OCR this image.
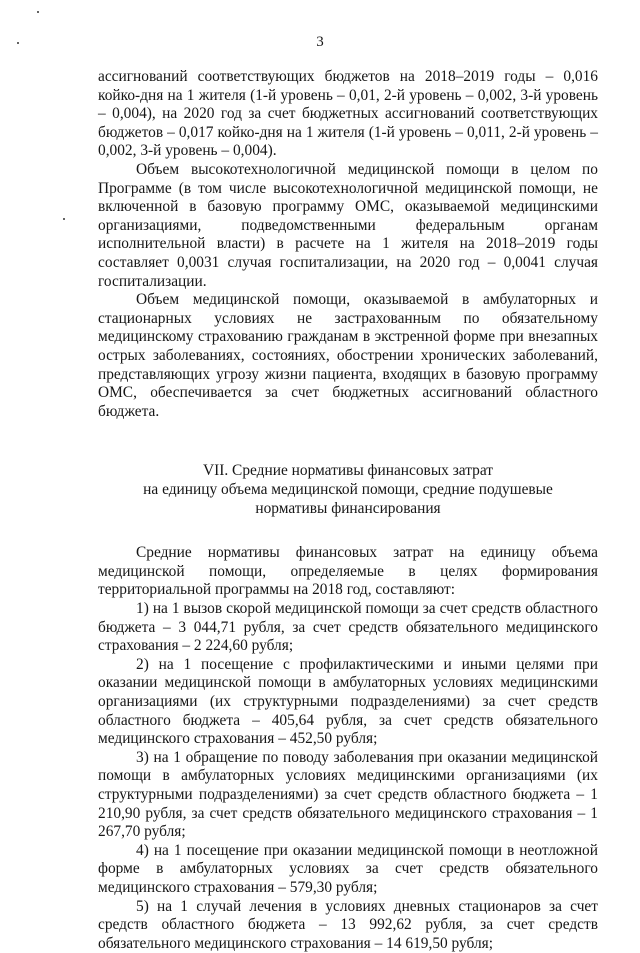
3

ассигнований соответствующих бюджетов на 2018–2019 годы – 0,016 койко-дня на 1 жителя (1-й уровень – 0,01, 2-й уровень – 0,002, 3-й уровень – 0,004), на 2020 год за счет бюджетных ассигнований соответствующих бюджетов – 0,017 койко-дня на 1 жителя (1-й уровень – 0,011, 2-й уровень – 0,002, 3-й уровень – 0,004).

Объем высокотехнологичной медицинской помощи в целом по Программе (в том числе высокотехнологичной медицинской помощи, не включенной в базовую программу ОМС, оказываемой медицинскими организациями, подведомственными федеральным органам исполнительной власти) в расчете на 1 жителя на 2018–2019 годы составляет 0,0031 случая госпитализации, на 2020 год – 0,0041 случая госпитализации.

Объем медицинской помощи, оказываемой в амбулаторных и стационарных условиях не застрахованным по обязательному медицинскому страхованию гражданам в экстренной форме при внезапных острых заболеваниях, состояниях, обострении хронических заболеваний, представляющих угрозу жизни пациента, входящих в базовую программу ОМС, обеспечивается за счет бюджетных ассигнований областного бюджета.

VII. Средние нормативы финансовых затрат
на единицу объема медицинской помощи, средние подушевые
нормативы финансирования

Средние нормативы финансовых затрат на единицу объема медицинской помощи, определяемые в целях формирования территориальной программы на 2018 год, составляют:

1) на 1 вызов скорой медицинской помощи за счет средств областного бюджета – 3 044,71 рубля, за счет средств обязательного медицинского страхования – 2 224,60 рубля;

2) на 1 посещение с профилактическими и иными целями при оказании медицинской помощи в амбулаторных условиях медицинскими организациями (их структурными подразделениями) за счет средств областного бюджета – 405,64 рубля, за счет средств обязательного медицинского страхования – 452,50 рубля;

3) на 1 обращение по поводу заболевания при оказании медицинской помощи в амбулаторных условиях медицинскими организациями (их структурными подразделениями) за счет средств областного бюджета – 1 210,90 рубля, за счет средств обязательного медицинского страхования – 1 267,70 рубля;

4) на 1 посещение при оказании медицинской помощи в неотложной форме в амбулаторных условиях за счет средств обязательного медицинского страхования – 579,30 рубля;

5) на 1 случай лечения в условиях дневных стационаров за счет средств областного бюджета – 13 992,62 рубля, за счет средств обязательного медицинского страхования – 14 619,50 рубля;
